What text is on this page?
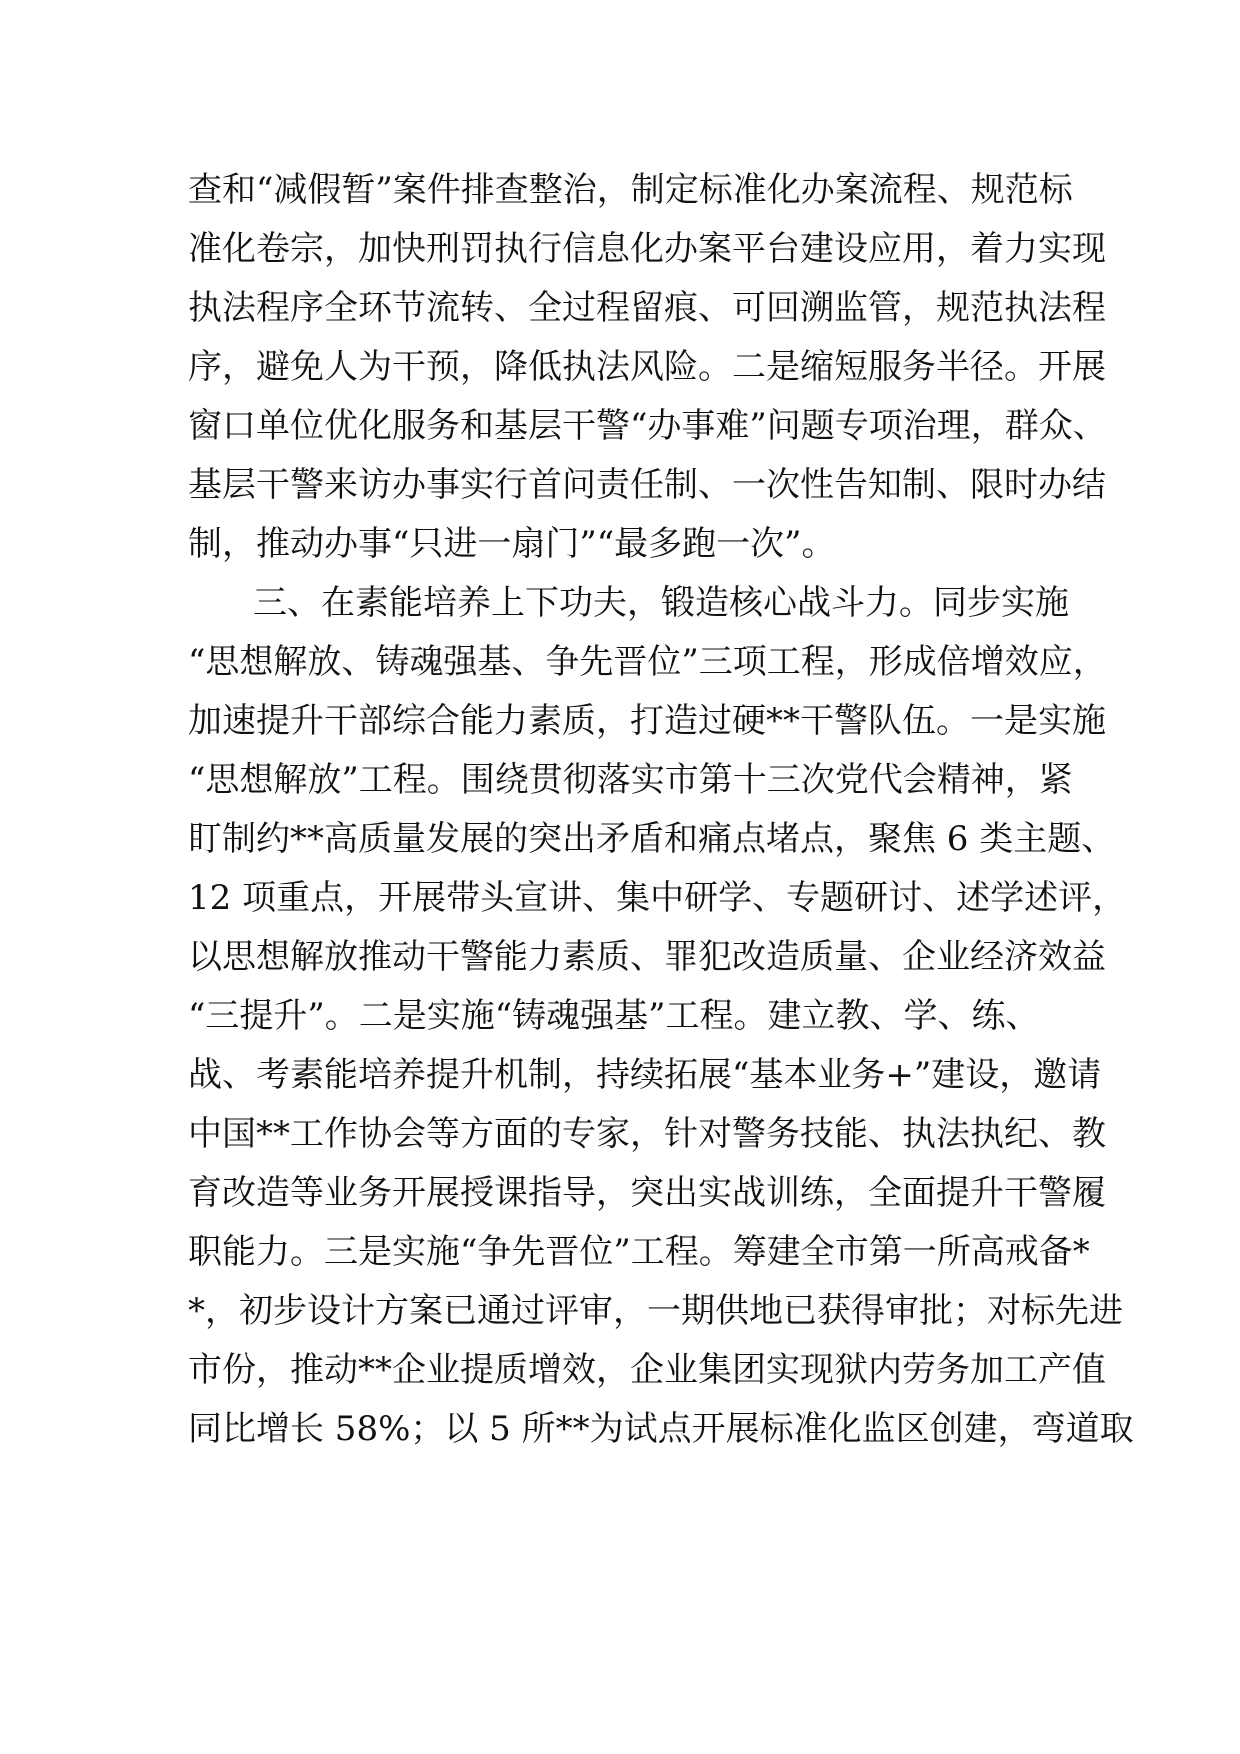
查和“减假暂”案件排查整治，制定标准化办案流程、规范标
准化卷宗，加快刑罚执行信息化办案平台建设应用，着力实现
执法程序全环节流转、全过程留痕、可回溯监管，规范执法程
序，避免人为干预，降低执法风险。二是缩短服务半径。开展
窗口单位优化服务和基层干警“办事难”问题专项治理，群众、
基层干警来访办事实行首问责任制、一次性告知制、限时办结
制，推动办事“只进一扇门”“最多跑一次”。
三、在素能培养上下功夫，锻造核心战斗力。同步实施
“思想解放、铸魂强基、争先晋位”三项工程，形成倍增效应，
加速提升干部综合能力素质，打造过硬**干警队伍。一是实施
“思想解放”工程。围绕贯彻落实市第十三次党代会精神，紧
盯制约**高质量发展的突出矛盾和痛点堵点，聚焦 6 类主题、
12 项重点，开展带头宣讲、集中研学、专题研讨、述学述评，
以思想解放推动干警能力素质、罪犯改造质量、企业经济效益
“三提升”。二是实施“铸魂强基”工程。建立教、学、练、
战、考素能培养提升机制，持续拓展“基本业务+”建设，邀请
中国**工作协会等方面的专家，针对警务技能、执法执纪、教
育改造等业务开展授课指导，突出实战训练，全面提升干警履
职能力。三是实施“争先晋位”工程。筹建全市第一所高戒备*
*，初步设计方案已通过评审，一期供地已获得审批；对标先进
市份，推动**企业提质增效，企业集团实现狱内劳务加工产值
同比增长 58%；以 5 所**为试点开展标准化监区创建，弯道取
